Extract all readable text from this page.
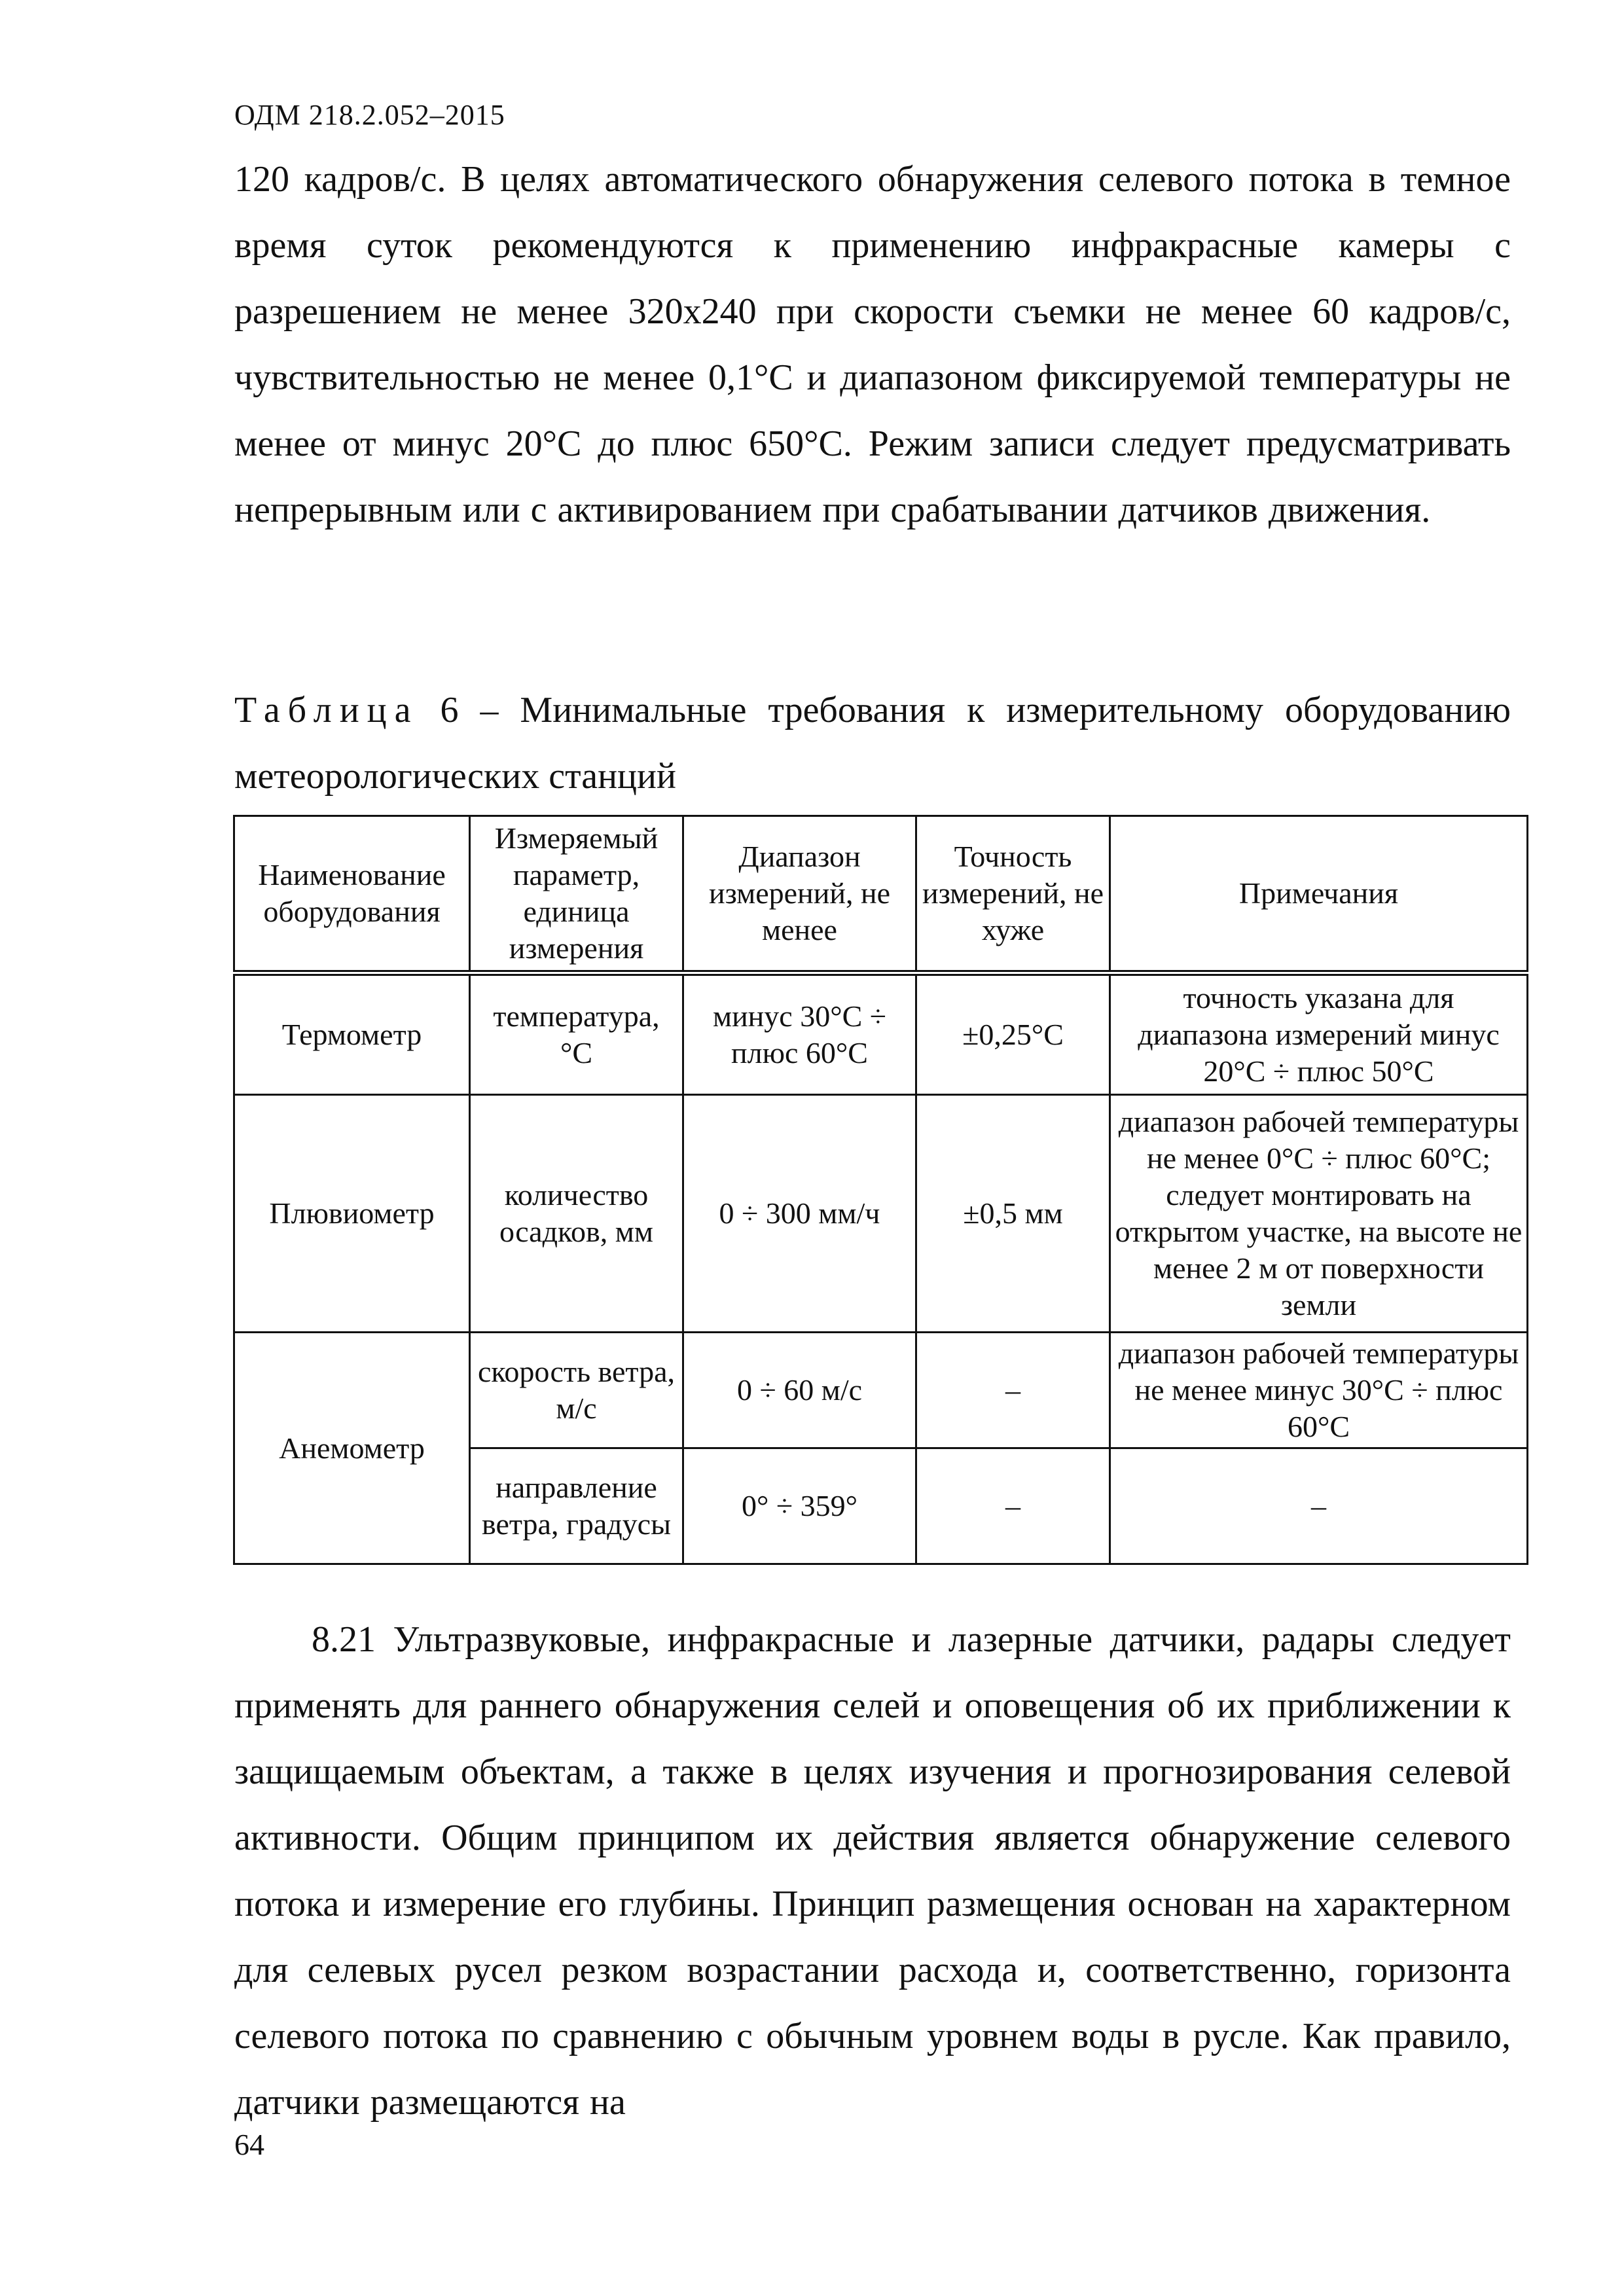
ОДМ 218.2.052–2015
120 кадров/с. В целях автоматического обнаружения селевого потока в темное время суток рекомендуются к применению инфракрасные камеры с разрешением не менее 320х240 при скорости съемки не менее 60 кадров/с, чувствительностью не менее 0,1°С и диапазоном фиксируемой температуры не менее от минус 20°С до плюс 650°С. Режим записи следует предусматривать непрерывным или с активированием при срабатывании датчиков движения.
Таблица 6 – Минимальные требования к измерительному оборудованию метеорологических станций
Наименование оборудования	Измеряемый параметр, единица измерения	Диапазон измерений, не менее	Точность измерений, не хуже	Примечания
Термометр	температура, °С	минус 30°С ÷ плюс 60°С	±0,25°С	точность указана для диапазона измерений минус 20°С ÷ плюс 50°С
Плювиометр	количество осадков, мм	0 ÷ 300 мм/ч	±0,5 мм	диапазон рабочей температуры не менее 0°С ÷ плюс 60°С; следует монтировать на открытом участке, на высоте не менее 2 м от поверхности земли
Анемометр	скорость ветра, м/с	0 ÷ 60 м/с	–	диапазон рабочей температуры не менее минус 30°С ÷ плюс 60°С
	направление ветра, градусы	0° ÷ 359°	–	–
8.21 Ультразвуковые, инфракрасные и лазерные датчики, радары следует применять для раннего обнаружения селей и оповещения об их приближении к защищаемым объектам, а также в целях изучения и прогнозирования селевой активности. Общим принципом их действия является обнаружение селевого потока и измерение его глубины. Принцип размещения основан на характерном для селевых русел резком возрастании расхода и, соответственно, горизонта селевого потока по сравнению с обычным уровнем воды в русле. Как правило, датчики размещаются на
64
